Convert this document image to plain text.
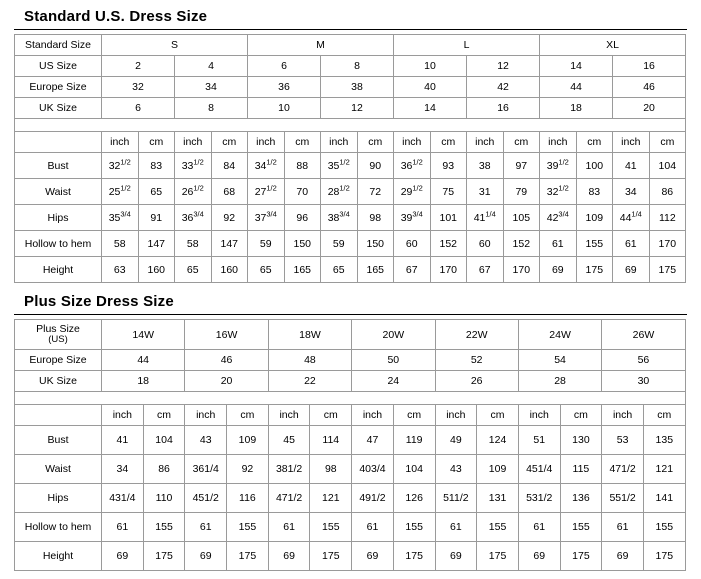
Standard U.S. Dress Size
Standard Size	S				M				L				XL			
US Size	2		4		6		8		10		12		14		16	
Europe Size	32		34		36		38		40		42		44		46	
UK Size	6		8		10		12		14		16		18		20	

	inch	cm	inch	cm	inch	cm	inch	cm	inch	cm	inch	cm	inch	cm	inch	cm
Bust	$32^{1/2}$	83	$33^{1/2}$	84	$34^{1/2}$	88	$35^{1/2}$	90	$36^{1/2}$	93	38	97	$39^{1/2}$	100	41	104
Waist	$25^{1/2}$	65	$26^{1/2}$	68	$27^{1/2}$	70	$28^{1/2}$	72	$29^{1/2}$	75	31	79	$32^{1/2}$	83	34	86
Hips	$35^{3/4}$	91	$36^{3/4}$	92	$37^{3/4}$	96	$38^{3/4}$	98	$39^{3/4}$	101	$41^{1/4}$	105	$42^{3/4}$	109	$44^{1/4}$	112
Hollow to hem	58	147	58	147	59	150	59	150	60	152	60	152	61	155	61	170
Height	63	160	65	160	65	165	65	165	67	170	67	170	69	175	69	175
Plus Size Dress Size
Plus Size
(US)	14W		16W		18W		20W		22W		24W		26W	
Europe Size	44		46		48		50		52		54		56	
UK Size	18		20		22		24		26		28		30	

	inch	cm	inch	cm	inch	cm	inch	cm	inch	cm	inch	cm	inch	cm
Bust	41	104	43	109	45	114	47	119	49	124	51	130	53	135
Waist	34	86	361/4	92	381/2	98	403/4	104	43	109	451/4	115	471/2	121
Hips	431/4	110	451/2	116	471/2	121	491/2	126	511/2	131	531/2	136	551/2	141
Hollow to hem	61	155	61	155	61	155	61	155	61	155	61	155	61	155
Height	69	175	69	175	69	175	69	175	69	175	69	175	69	175
